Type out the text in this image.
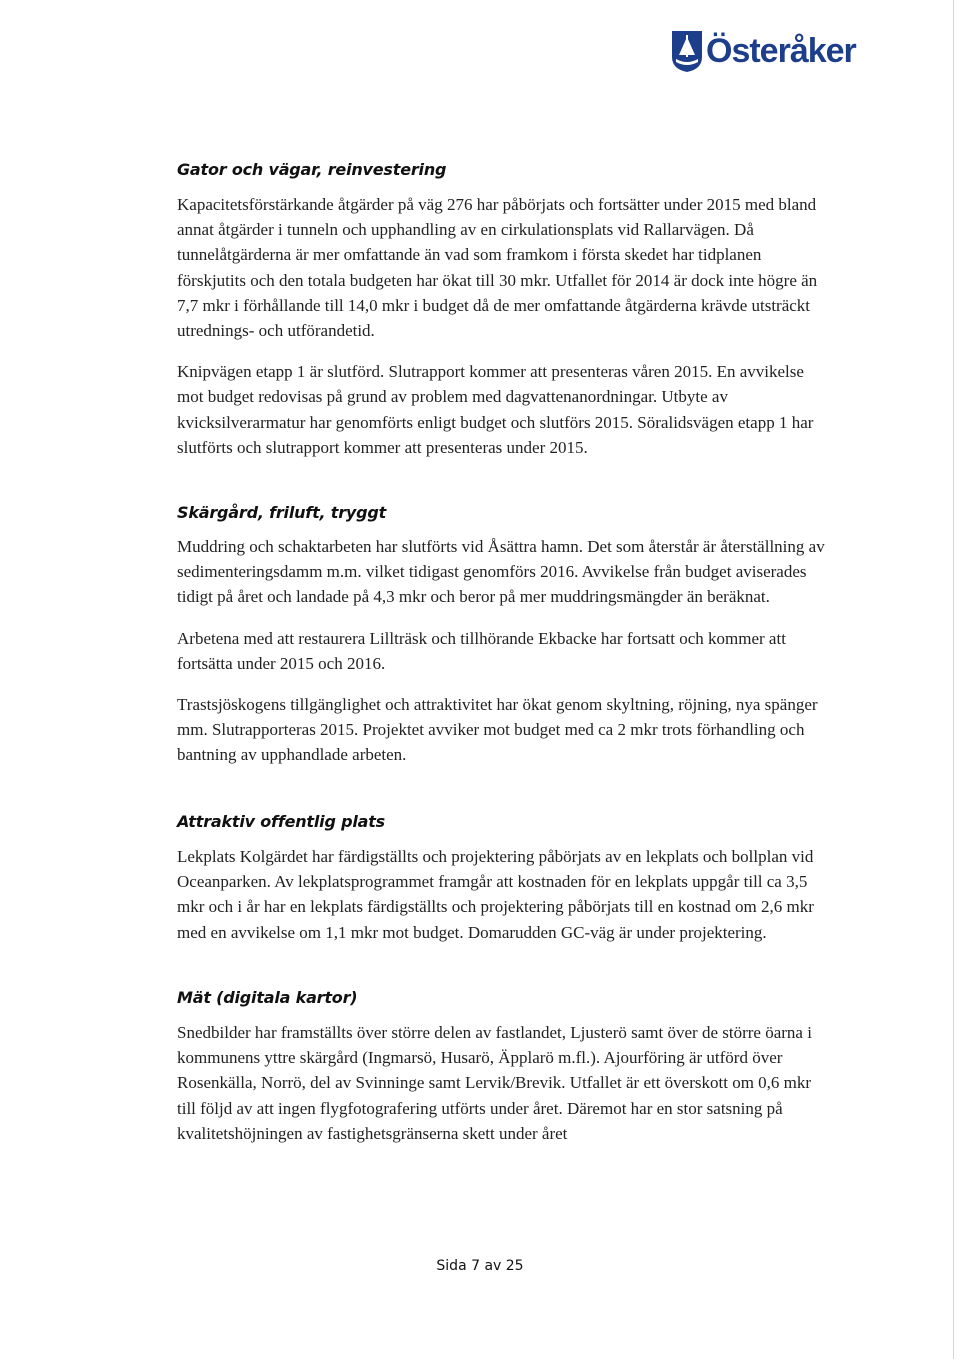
Österåker
Gator och vägar, reinvestering

Kapacitetsförstärkande åtgärder på väg 276 har påbörjats och fortsätter under 2015 med bland annat åtgärder i tunneln och upphandling av en cirkulationsplats vid Rallarvägen. Då tunnelåtgärderna är mer omfattande än vad som framkom i första skedet har tidplanen förskjutits och den totala budgeten har ökat till 30 mkr. Utfallet för 2014 är dock inte högre än 7,7 mkr i förhållande till 14,0 mkr i budget då de mer omfattande åtgärderna krävde utsträckt utrednings- och utförandetid.

Knipvägen etapp 1 är slutförd. Slutrapport kommer att presenteras våren 2015. En avvikelse mot budget redovisas på grund av problem med dagvattenanordningar. Utbyte av kvicksilverarmatur har genomförts enligt budget och slutförs 2015. Söralidsvägen etapp 1 har slutförts och slutrapport kommer att presenteras under 2015.

Skärgård, friluft, tryggt

Muddring och schaktarbeten har slutförts vid Åsättra hamn. Det som återstår är återställning av sedimenteringsdamm m.m. vilket tidigast genomförs 2016. Avvikelse från budget aviserades tidigt på året och landade på 4,3 mkr och beror på mer muddringsmängder än beräknat.

Arbetena med att restaurera Lillträsk och tillhörande Ekbacke har fortsatt och kommer att fortsätta under 2015 och 2016.

Trastsjöskogens tillgänglighet och attraktivitet har ökat genom skyltning, röjning, nya spänger mm. Slutrapporteras 2015. Projektet avviker mot budget med ca 2 mkr trots förhandling och bantning av upphandlade arbeten.

Attraktiv offentlig plats

Lekplats Kolgärdet har färdigställts och projektering påbörjats av en lekplats och bollplan vid Oceanparken. Av lekplatsprogrammet framgår att kostnaden för en lekplats uppgår till ca 3,5 mkr och i år har en lekplats färdigställts och projektering påbörjats till en kostnad om 2,6 mkr med en avvikelse om 1,1 mkr mot budget. Domarudden GC-väg är under projektering.

Mät (digitala kartor)

Snedbilder har framställts över större delen av fastlandet, Ljusterö samt över de större öarna i kommunens yttre skärgård (Ingmarsö, Husarö, Äpplarö m.fl.). Ajourföring är utförd över Rosenkälla, Norrö, del av Svinninge samt Lervik/Brevik. Utfallet är ett överskott om 0,6 mkr till följd av att ingen flygfotografering utförts under året. Däremot har en stor satsning på kvalitetshöjningen av fastighetsgränserna skett under året

Sida 7 av 25
